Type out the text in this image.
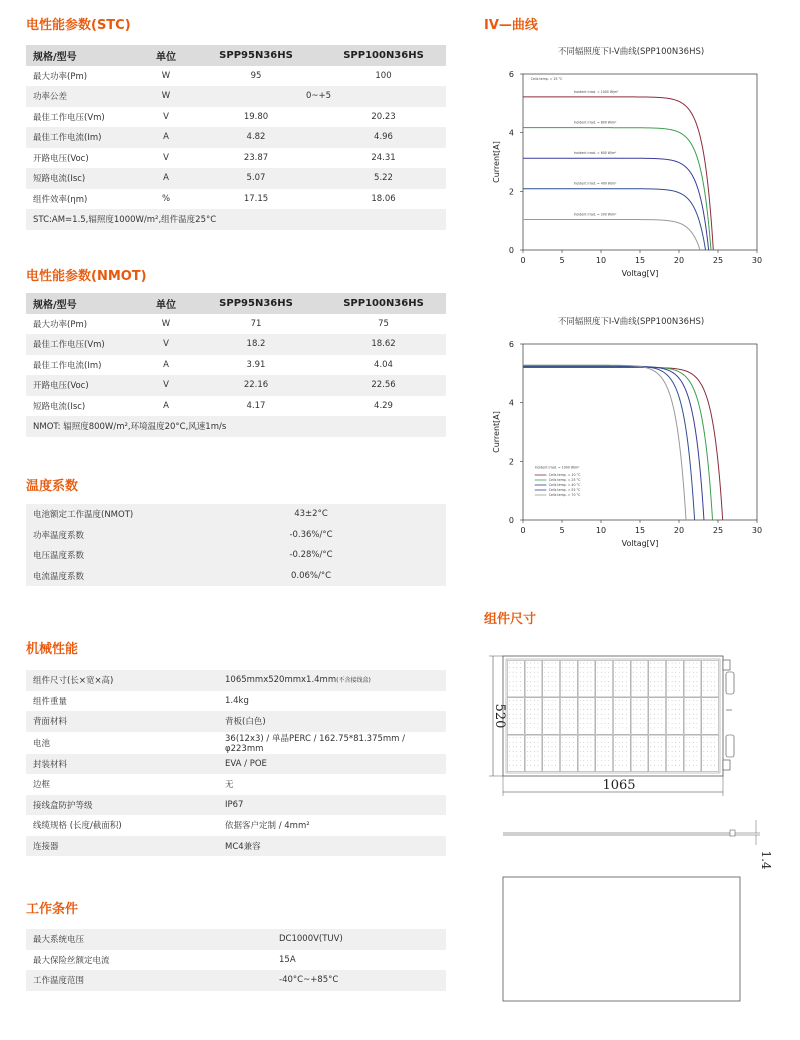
电性能参数(STC)
规格/型号	单位	SPP95N36HS	SPP100N36HS
最大功率(Pm)	W	95	100
功率公差	W	0~+5	
最佳工作电压(Vm)	V	19.80	20.23
最佳工作电流(Im)	A	4.82	4.96
开路电压(Voc)	V	23.87	24.31
短路电流(Isc)	A	5.07	5.22
组件效率(ηm)	%	17.15	18.06
STC:AM=1.5,辐照度1000W/m²,组件温度25°C			
电性能参数(NMOT)
规格/型号	单位	SPP95N36HS	SPP100N36HS
最大功率(Pm)	W	71	75
最佳工作电压(Vm)	V	18.2	18.62
最佳工作电流(Im)	A	3.91	4.04
开路电压(Voc)	V	22.16	22.56
短路电流(Isc)	A	4.17	4.29
NMOT: 辐照度800W/m²,环境温度20°C,风速1m/s			
温度系数
电池额定工作温度(NMOT)	43±2°C	
功率温度系数	-0.36%/°C	
电压温度系数	-0.28%/°C	
电流温度系数	0.06%/°C	
机械性能
组件尺寸(长×宽×高)	1065mmx520mmx1.4mm(不含接线盒)
组件重量	1.4kg
背面材料	背板(白色)
电池	36(12x3) / 单晶PERC / 162.75*81.375mm / φ223mm
封装材料	EVA / POE
边框	无
接线盒防护等级	IP67
线缆规格 (长度/截面积)	依据客户定制 / 4mm²
连接器	MC4兼容
工作条件
最大系统电压	DC1000V(TUV)
最大保险丝额定电流	15A
工作温度范围	-40°C~+85°C
IV—曲线
不同辐照度下I-V曲线(SPP100N36HS)
0	5	10	15	20	25	30
0
2
4
6
Voltag[V]
Current[A]
Cells temp. = 25 °C
Incident irrad. = 1000 W/m²
Incident irrad. = 800 W/m²
Incident irrad. = 600 W/m²
Incident irrad. = 400 W/m²
Incident irrad. = 200 W/m²
不同辐照度下I-V曲线(SPP100N36HS)
0	5	10	15	20	25	30
0
2
4
6
Voltag[V]
Current[A]
Incident irrad. = 1000 W/m²
Cells temp. = 10 °C
Cells temp. = 25 °C
Cells temp. = 40 °C
Cells temp. = 55 °C
Cells temp. = 70 °C
组件尺寸
520
1065
1.4
